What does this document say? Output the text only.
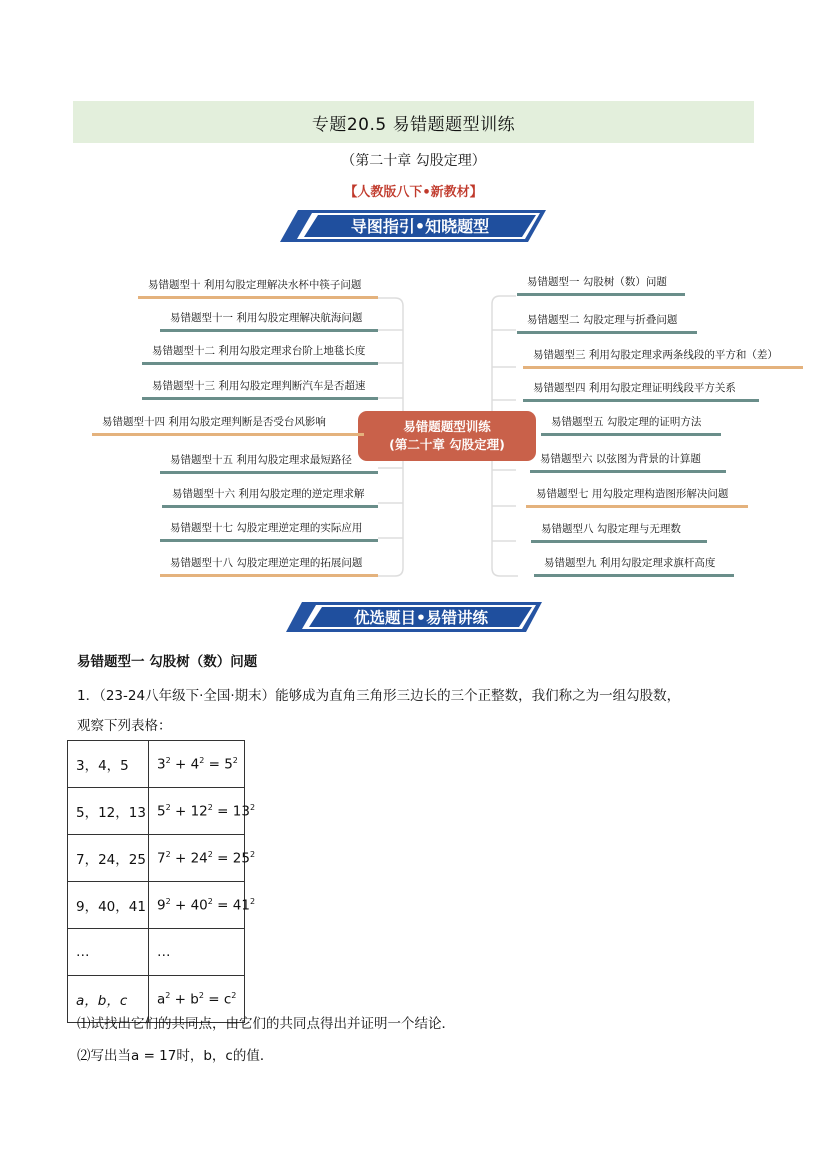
专题20.5 易错题题型训练
（第二十章 勾股定理）
【人教版八下•新教材】
导图指引•知晓题型
易错题题型训练
(第二十章 勾股定理)
易错题型十 利用勾股定理解决水杯中筷子问题
易错题型十一 利用勾股定理解决航海问题
易错题型十二 利用勾股定理求台阶上地毯长度
易错题型十三 利用勾股定理判断汽车是否超速
易错题型十四 利用勾股定理判断是否受台风影响
易错题型十五 利用勾股定理求最短路径
易错题型十六 利用勾股定理的逆定理求解
易错题型十七 勾股定理逆定理的实际应用
易错题型十八 勾股定理逆定理的拓展问题
易错题型一 勾股树（数）问题
易错题型二 勾股定理与折叠问题
易错题型三 利用勾股定理求两条线段的平方和（差）
易错题型四 利用勾股定理证明线段平方关系
易错题型五 勾股定理的证明方法
易错题型六 以弦图为背景的计算题
易错题型七 用勾股定理构造图形解决问题
易错题型八 勾股定理与无理数
易错题型九 利用勾股定理求旗杆高度
优选题目•易错讲练
易错题型一 勾股树（数）问题

1．（23-24八年级下·全国·期末）能够成为直角三角形三边长的三个正整数，我们称之为一组勾股数，

观察下列表格：

3，4，5	$3^2 + 4^2 = 5^2$
5，12，13	$5^2 + 12^2 = 13^2$
7，24，25	$7^2 + 24^2 = 25^2$
9，40，41	$9^2 + 40^2 = 41^2$
…	…
a，b，c	$a^2 + b^2 = c^2$
⑴试找出它们的共同点，由它们的共同点得出并证明一个结论．
⑵写出当a = 17时，b，c的值．
